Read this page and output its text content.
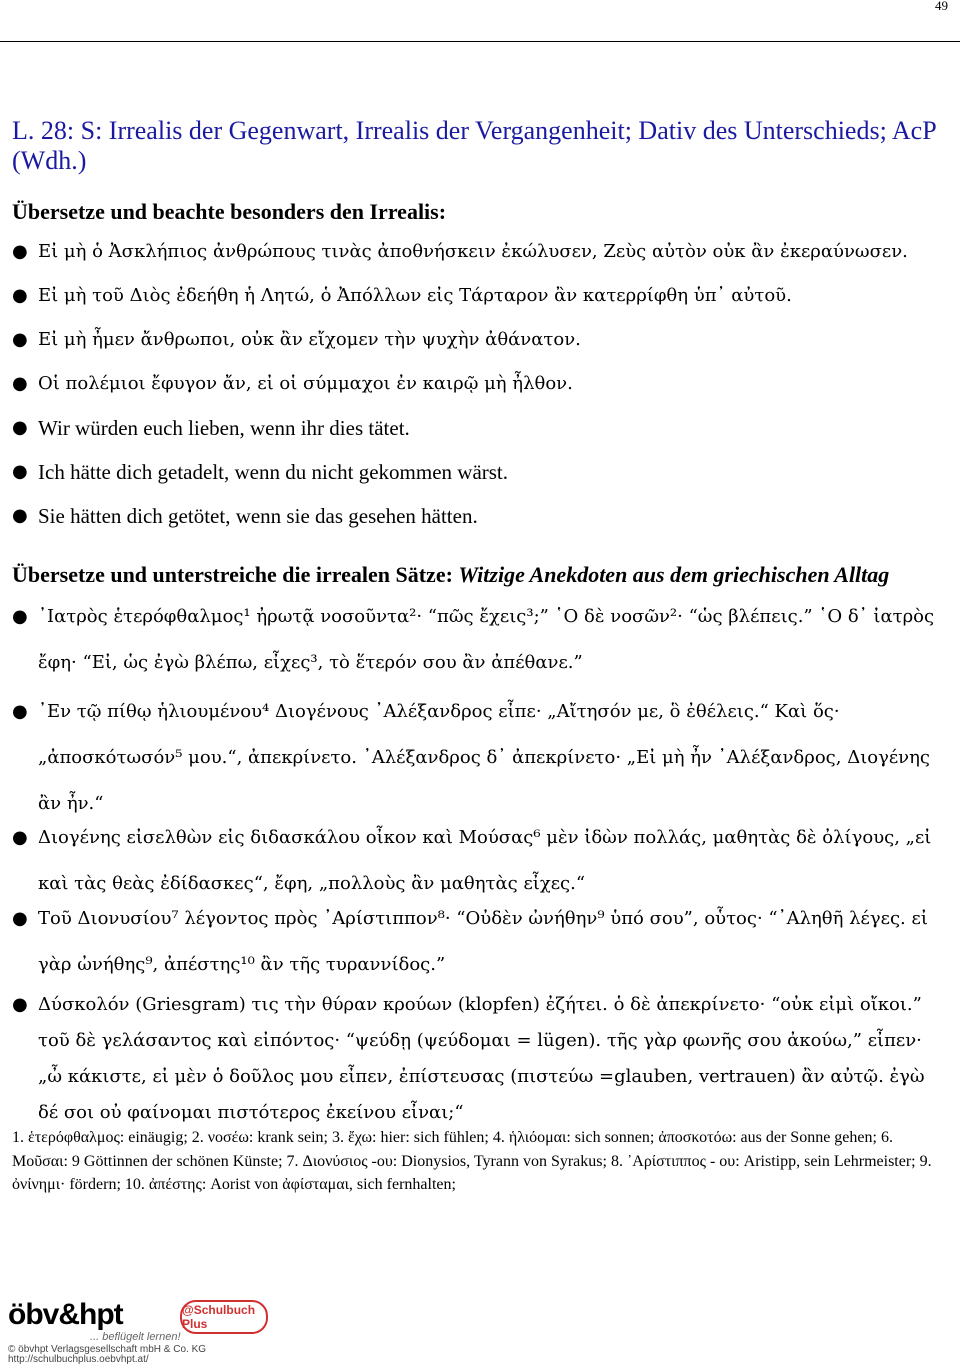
49
L. 28: S: Irrealis der Gegenwart, Irrealis der Vergangenheit; Dativ des Unterschieds; AcP (Wdh.)
Übersetze und beachte besonders den Irrealis:
● Εἰ μὴ ὁ Ἀσκλήπιος ἀνθρώπους τινὰς ἀποθνήσκειν ἐκώλυσεν, Ζεὺς αὐτὸν οὐκ ἂν ἐκεραύνωσεν.
● Εἰ μὴ τοῦ Διὸς ἐδεήθη ἡ Λητώ, ὁ Ἀπόλλων εἰς Τάρταρον ἂν κατερρίφθη ὑπ᾽ αὐτοῦ.
● Εἰ μὴ ἦμεν ἄνθρωποι, οὐκ ἂν εἴχομεν τὴν ψυχὴν ἀθάνατον.
● Οἱ πολέμιοι ἔφυγον ἄν, εἰ οἱ σύμμαχοι ἐν καιρῷ μὴ ἦλθον.
● Wir würden euch lieben, wenn ihr dies tätet.
● Ich hätte dich getadelt, wenn du nicht gekommen wärst.
● Sie hätten dich getötet, wenn sie das gesehen hätten.
Übersetze und unterstreiche die irrealen Sätze: Witzige Anekdoten aus dem griechischen Alltag
● ᾿Ιατρὸς ἑτερόφθαλμος¹ ἠρωτᾷ νοσοῦντα²· “πῶς ἔχεις³;” ῾Ο δὲ νοσῶν²· “ὡς βλέπεις.” ῾Ο δ᾽ ἰατρὸς ἔφη· “Εἰ, ὡς ἐγὼ βλέπω, εἶχες³, τὸ ἕτερόν σου ἂν ἀπέθανε.”
● ᾿Εν τῷ πίθῳ ἡλιουμένου⁴ Διογένους ᾿Αλέξανδρος εἶπε· „Αἴτησόν με, ὃ ἐθέλεις.“ Καὶ ὅς· „ἀποσκότωσόν⁵ μου.“, ἀπεκρίνετο. ᾿Αλέξανδρος δ᾽ ἀπεκρίνετο· „Εἰ μὴ ἦν ᾿Αλέξανδρος, Διογένης ἂν ἦν.“
● Διογένης εἰσελθὼν εἰς διδασκάλου οἶκον καὶ Μούσας⁶ μὲν ἰδὼν πολλάς, μαθητὰς δὲ ὀλίγους, „εἰ καὶ τὰς θεὰς ἐδίδασκες“, ἔφη, „πολλοὺς ἂν μαθητὰς εἶχες.“
● Τοῦ Διονυσίου⁷ λέγοντος πρὸς ᾿Αρίστιππον⁸· “Οὐδὲν ὠνήθην⁹ ὑπό σου”, οὗτος· “᾿Αληθῆ λέγες. εἰ γὰρ ὠνήθης⁹, ἀπέστης¹⁰ ἂν τῆς τυραννίδος.”
● Δύσκολόν (Griesgram) τις τὴν θύραν κρούων (klopfen) ἐζήτει. ὁ δὲ ἀπεκρίνετο· “οὐκ εἰμὶ οἴκοι.” τοῦ δὲ γελάσαντος καὶ εἰπόντος· “ψεύδῃ (ψεύδομαι = lügen). τῆς γὰρ φωνῆς σου ἀκούω,” εἶπεν· „ὦ κάκιστε, εἰ μὲν ὁ δοῦλος μου εἶπεν, ἐπίστευσας (πιστεύω =glauben, vertrauen) ἂν αὐτῷ. ἐγὼ δέ σοι οὐ φαίνομαι πιστότερος ἐκείνου εἶναι;“

1. ἑτερόφθαλμος: einäugig; 2. νοσέω: krank sein; 3. ἔχω: hier: sich fühlen; 4. ἡλιόομαι: sich sonnen; ἀποσκοτόω: aus der Sonne gehen; 6. Μοῦσαι: 9 Göttinnen der schönen Künste; 7. Διονύσιος -ου: Dionysios, Tyrann von Syrakus; 8. ᾿Αρίστιππος - ου: Aristipp, sein Lehrmeister; 9. ὀνίνημι· fördern; 10. ἀπέστης: Aorist von ἀφίσταμαι, sich fernhalten;

öbv&hpt
... beflügelt lernen!
@Schulbuch Plus
© öbvhpt Verlagsgesellschaft mbH & Co. KG
http://schulbuchplus.oebvhpt.at/
